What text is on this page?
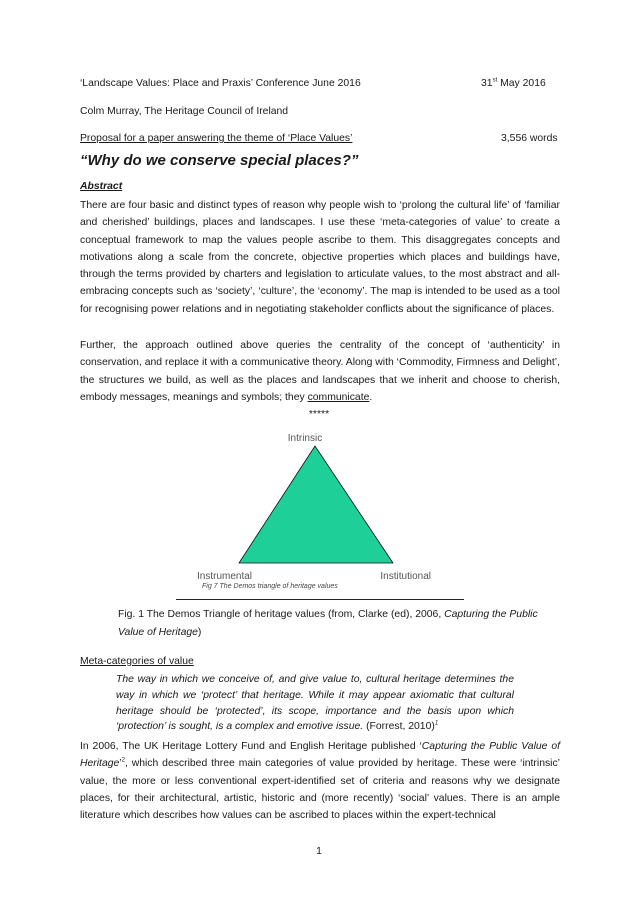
‘Landscape Values: Place and Praxis’ Conference June 2016	31st May 2016
Colm Murray, The Heritage Council of Ireland
Proposal for a paper answering the theme of ‘Place Values’	3,556 words
“Why do we conserve special places?”
Abstract

There are four basic and distinct types of reason why people wish to ‘prolong the cultural life’ of ‘familiar and cherished’ buildings, places and landscapes. I use these ‘meta-categories of value’ to create a conceptual framework to map the values people ascribe to them. This disaggregates concepts and motivations along a scale from the concrete, objective properties which places and buildings have, through the terms provided by charters and legislation to articulate values, to the most abstract and all-embracing concepts such as ‘society’, ‘culture’, the ‘economy’. The map is intended to be used as a tool for recognising power relations and in negotiating stakeholder conflicts about the significance of places.

Further, the approach outlined above queries the centrality of the concept of ‘authenticity’ in conservation, and replace it with a communicative theory. Along with ‘Commodity, Firmness and Delight’, the structures we build, as well as the places and landscapes that we inherit and choose to cherish, embody messages, meanings and symbols; they communicate.

*****
Intrinsic
Instrumental	Institutional
Fig 7 The Demos triangle of heritage values

Fig. 1 The Demos Triangle of heritage values (from, Clarke (ed), 2006, Capturing the Public Value of Heritage)

Meta-categories of value

The way in which we conceive of, and give value to, cultural heritage determines the way in which we ‘protect’ that heritage. While it may appear axiomatic that cultural heritage should be ‘protected’, its scope, importance and the basis upon which ‘protection’ is sought, is a complex and emotive issue. (Forrest, 2010)$^1$

In 2006, The UK Heritage Lottery Fund and English Heritage published ‘Capturing the Public Value of Heritage’$^2$, which described three main categories of value provided by heritage. These were ‘intrinsic’ value, the more or less conventional expert-identified set of criteria and reasons why we designate places, for their architectural, artistic, historic and (more recently) ‘social’ values. There is an ample literature which describes how values can be ascribed to places within the expert-technical

1
